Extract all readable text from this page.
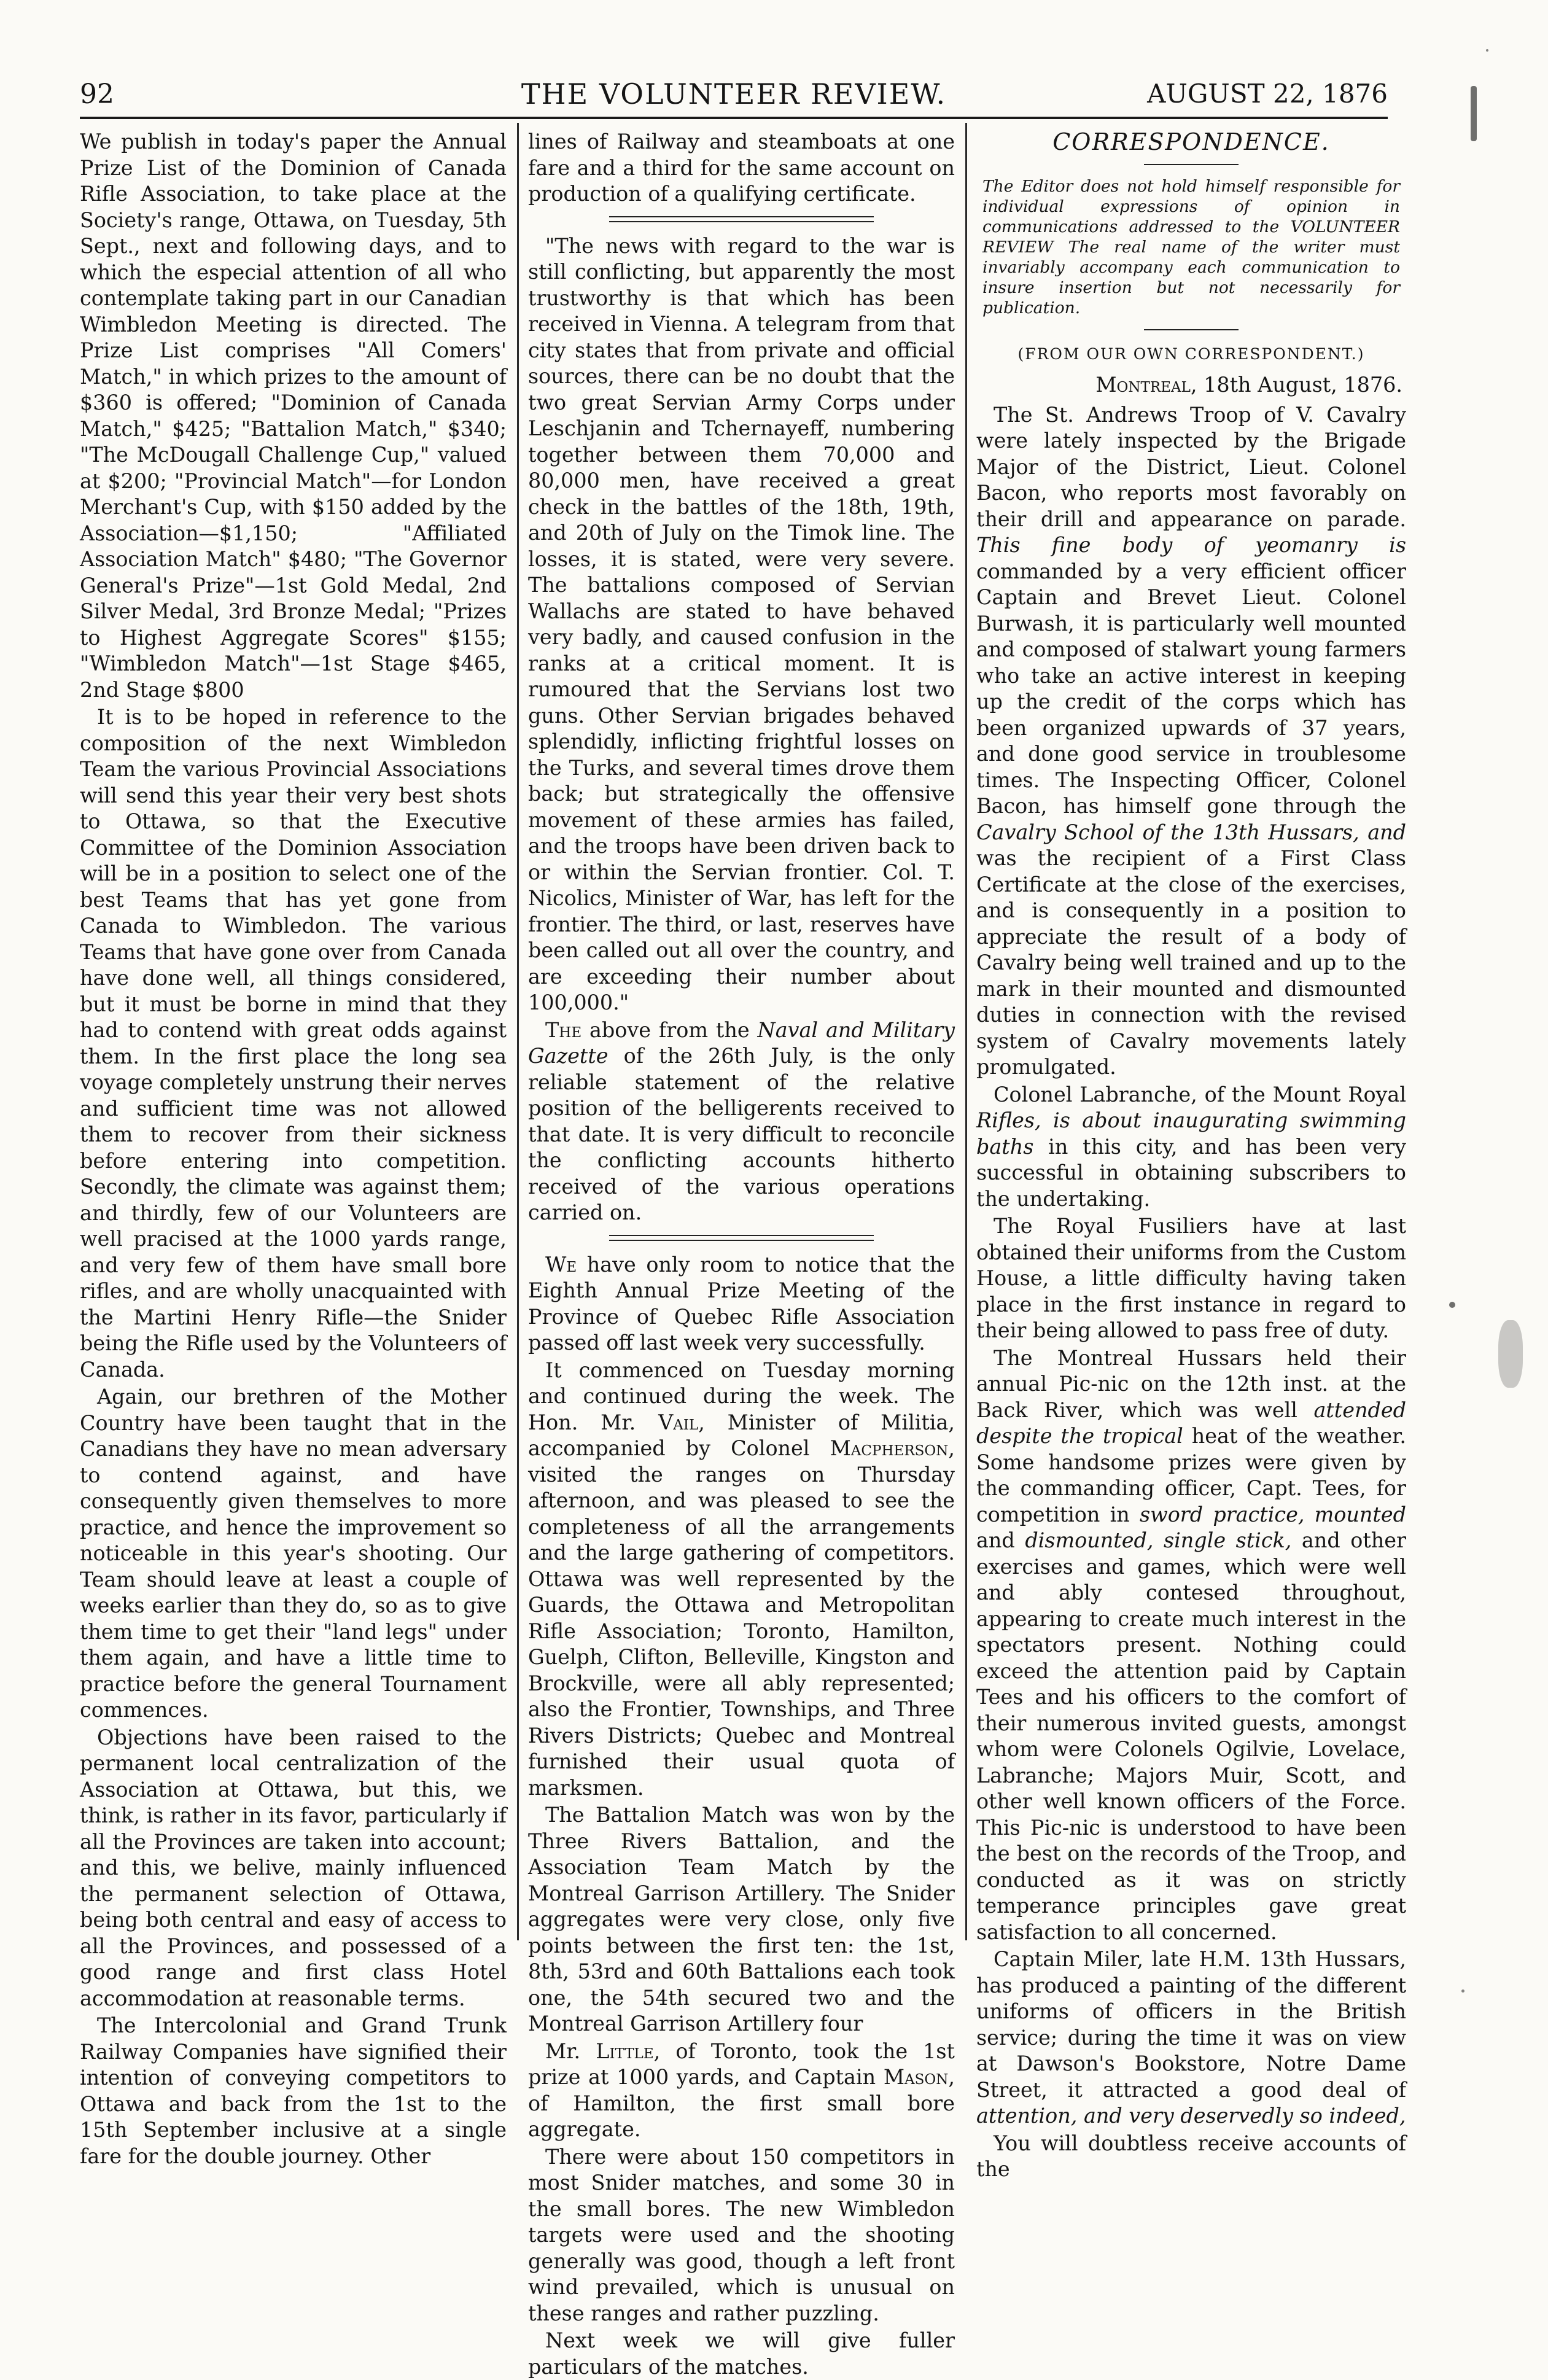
92	THE VOLUNTEER REVIEW.	AUGUST 22, 1876

We publish in today's paper the Annual Prize List of the Dominion of Canada Rifle Association, to take place at the Society's range, Ottawa, on Tuesday, 5th Sept., next and following days, and to which the especial attention of all who contemplate taking part in our Canadian Wimbledon Meeting is directed. The Prize List comprises "All Comers' Match," in which prizes to the amount of $360 is offered; "Dominion of Canada Match," $425; "Battalion Match," $340; "The McDougall Challenge Cup," valued at $200; "Provincial Match"—for London Merchant's Cup, with $150 added by the Association—$1,150; "Affiliated Association Match" $480; "The Governor General's Prize"—1st Gold Medal, 2nd Silver Medal, 3rd Bronze Medal; "Prizes to Highest Aggregate Scores" $155; "Wimbledon Match"—1st Stage $465, 2nd Stage $800

It is to be hoped in reference to the composition of the next Wimbledon Team the various Provincial Associations will send this year their very best shots to Ottawa, so that the Executive Committee of the Dominion Association will be in a position to select one of the best Teams that has yet gone from Canada to Wimbledon. The various Teams that have gone over from Canada have done well, all things considered, but it must be borne in mind that they had to contend with great odds against them. In the first place the long sea voyage completely unstrung their nerves and sufficient time was not allowed them to recover from their sickness before entering into competition. Secondly, the climate was against them; and thirdly, few of our Volunteers are well pracised at the 1000 yards range, and very few of them have small bore rifles, and are wholly unacquainted with the Martini Henry Rifle—the Snider being the Rifle used by the Volunteers of Canada.

Again, our brethren of the Mother Country have been taught that in the Canadians they have no mean adversary to contend against, and have consequently given themselves to more practice, and hence the improvement so noticeable in this year's shooting. Our Team should leave at least a couple of weeks earlier than they do, so as to give them time to get their "land legs" under them again, and have a little time to practice before the general Tournament commences.

Objections have been raised to the permanent local centralization of the Association at Ottawa, but this, we think, is rather in its favor, particularly if all the Provinces are taken into account; and this, we belive, mainly influenced the permanent selection of Ottawa, being both central and easy of access to all the Provinces, and possessed of a good range and first class Hotel accommodation at reasonable terms.

The Intercolonial and Grand Trunk Railway Companies have signified their intention of conveying competitors to Ottawa and back from the 1st to the 15th September inclusive at a single fare for the double journey. Other

lines of Railway and steamboats at one fare and a third for the same account on production of a qualifying certificate.

"The news with regard to the war is still conflicting, but apparently the most trustworthy is that which has been received in Vienna. A telegram from that city states that from private and official sources, there can be no doubt that the two great Servian Army Corps under Leschjanin and Tchernayeff, numbering together between them 70,000 and 80,000 men, have received a great check in the battles of the 18th, 19th, and 20th of July on the Timok line. The losses, it is stated, were very severe. The battalions composed of Servian Wallachs are stated to have behaved very badly, and caused confusion in the ranks at a critical moment. It is rumoured that the Servians lost two guns. Other Servian brigades behaved splendidly, inflicting frightful losses on the Turks, and several times drove them back; but strategically the offensive movement of these armies has failed, and the troops have been driven back to or within the Servian frontier. Col. T. Nicolics, Minister of War, has left for the frontier. The third, or last, reserves have been called out all over the country, and are exceeding their number about 100,000."

The above from the Naval and Military Gazette of the 26th July, is the only reliable statement of the relative position of the belligerents received to that date. It is very difficult to reconcile the conflicting accounts hitherto received of the various operations carried on.

We have only room to notice that the Eighth Annual Prize Meeting of the Province of Quebec Rifle Association passed off last week very successfully.

It commenced on Tuesday morning and continued during the week. The Hon. Mr. Vail, Minister of Militia, accompanied by Colonel Macpherson, visited the ranges on Thursday afternoon, and was pleased to see the completeness of all the arrangements and the large gathering of competitors. Ottawa was well represented by the Guards, the Ottawa and Metropolitan Rifle Association; Toronto, Hamilton, Guelph, Clifton, Belleville, Kingston and Brockville, were all ably represented; also the Frontier, Townships, and Three Rivers Districts; Quebec and Montreal furnished their usual quota of marksmen.

The Battalion Match was won by the Three Rivers Battalion, and the Association Team Match by the Montreal Garrison Artillery. The Snider aggregates were very close, only five points between the first ten: the 1st, 8th, 53rd and 60th Battalions each took one, the 54th secured two and the Montreal Garrison Artillery four

Mr. Little, of Toronto, took the 1st prize at 1000 yards, and Captain Mason, of Hamilton, the first small bore aggregate.

There were about 150 competitors in most Snider matches, and some 30 in the small bores. The new Wimbledon targets were used and the shooting generally was good, though a left front wind prevailed, which is unusual on these ranges and rather puzzling.

Next week we will give fuller particulars of the matches.

CORRESPONDENCE.
The Editor does not hold himself responsible for individual expressions of opinion in communications addressed to the VOLUNTEER REVIEW The real name of the writer must invariably accompany each communication to insure insertion but not necessarily for publication.
(FROM OUR OWN CORRESPONDENT.)

Montreal, 18th August, 1876.

The St. Andrews Troop of V. Cavalry were lately inspected by the Brigade Major of the District, Lieut. Colonel Bacon, who reports most favorably on their drill and appearance on parade. This fine body of yeomanry is commanded by a very efficient officer Captain and Brevet Lieut. Colonel Burwash, it is particularly well mounted and composed of stalwart young farmers who take an active interest in keeping up the credit of the corps which has been organized upwards of 37 years, and done good service in troublesome times. The Inspecting Officer, Colonel Bacon, has himself gone through the Cavalry School of the 13th Hussars, and was the recipient of a First Class Certificate at the close of the exercises, and is consequently in a position to appreciate the result of a body of Cavalry being well trained and up to the mark in their mounted and dismounted duties in connection with the revised system of Cavalry movements lately promulgated.

Colonel Labranche, of the Mount Royal Rifles, is about inaugurating swimming baths in this city, and has been very successful in obtaining subscribers to the undertaking.

The Royal Fusiliers have at last obtained their uniforms from the Custom House, a little difficulty having taken place in the first instance in regard to their being allowed to pass free of duty.

The Montreal Hussars held their annual Pic-nic on the 12th inst. at the Back River, which was well attended despite the tropical heat of the weather. Some handsome prizes were given by the commanding officer, Capt. Tees, for competition in sword practice, mounted and dismounted, single stick, and other exercises and games, which were well and ably contesed throughout, appearing to create much interest in the spectators present. Nothing could exceed the attention paid by Captain Tees and his officers to the comfort of their numerous invited guests, amongst whom were Colonels Ogilvie, Lovelace, Labranche; Majors Muir, Scott, and other well known officers of the Force. This Pic-nic is understood to have been the best on the records of the Troop, and conducted as it was on strictly temperance principles gave great satisfaction to all concerned.

Captain Miler, late H.M. 13th Hussars, has produced a painting of the different uniforms of officers in the British service; during the time it was on view at Dawson's Bookstore, Notre Dame Street, it attracted a good deal of attention, and very deservedly so indeed,

You will doubtless receive accounts of the
